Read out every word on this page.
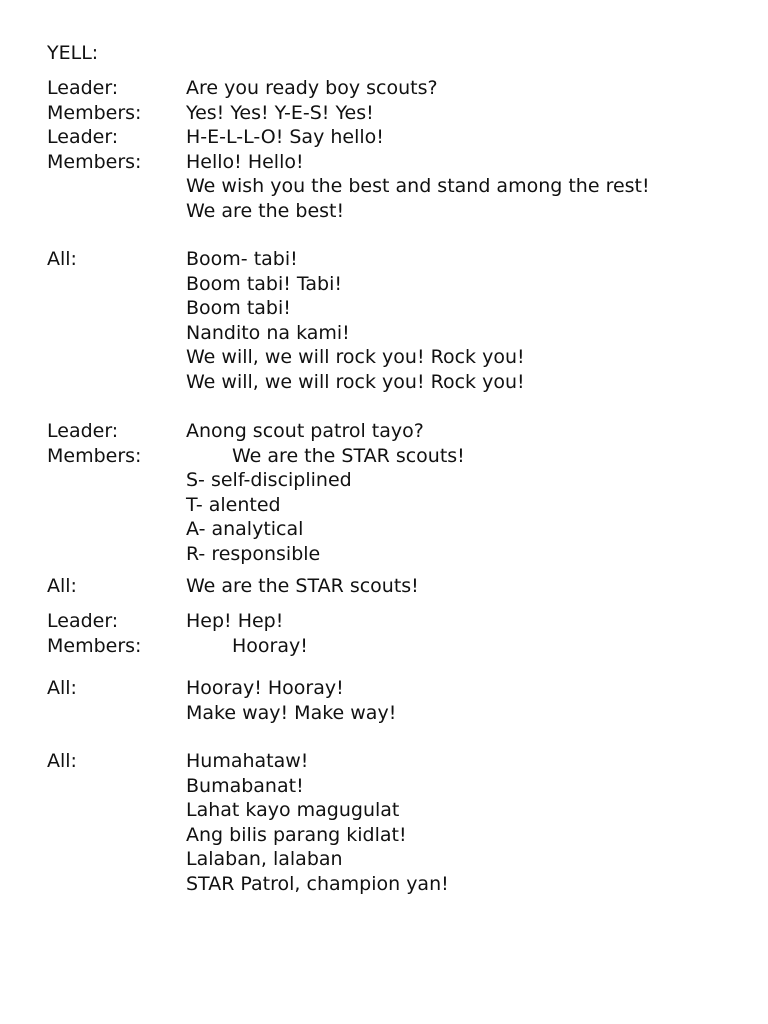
YELL:
Leader:	Are you ready boy scouts?
Members: Yes! Yes! Y-E-S! Yes!
Leader:	H-E-L-L-O! Say hello!
Members: Hello! Hello!
We wish you the best and stand among the rest!
We are the best!
All:	Boom- tabi!
Boom tabi! Tabi!
Boom tabi!
Nandito na kami!
We will, we will rock you! Rock you!
We will, we will rock you! Rock you!
Leader:	Anong scout patrol tayo?
Members:	We are the STAR scouts!
S- self-disciplined
T- alented
A- analytical
R- responsible
All:	We are the STAR scouts!
Leader:	Hep! Hep!
Members:	Hooray!
All:	Hooray! Hooray!
Make way! Make way!
All:	Humahataw!
Bumabanat!
Lahat kayo magugulat
Ang bilis parang kidlat!
Lalaban, lalaban
STAR Patrol, champion yan!
